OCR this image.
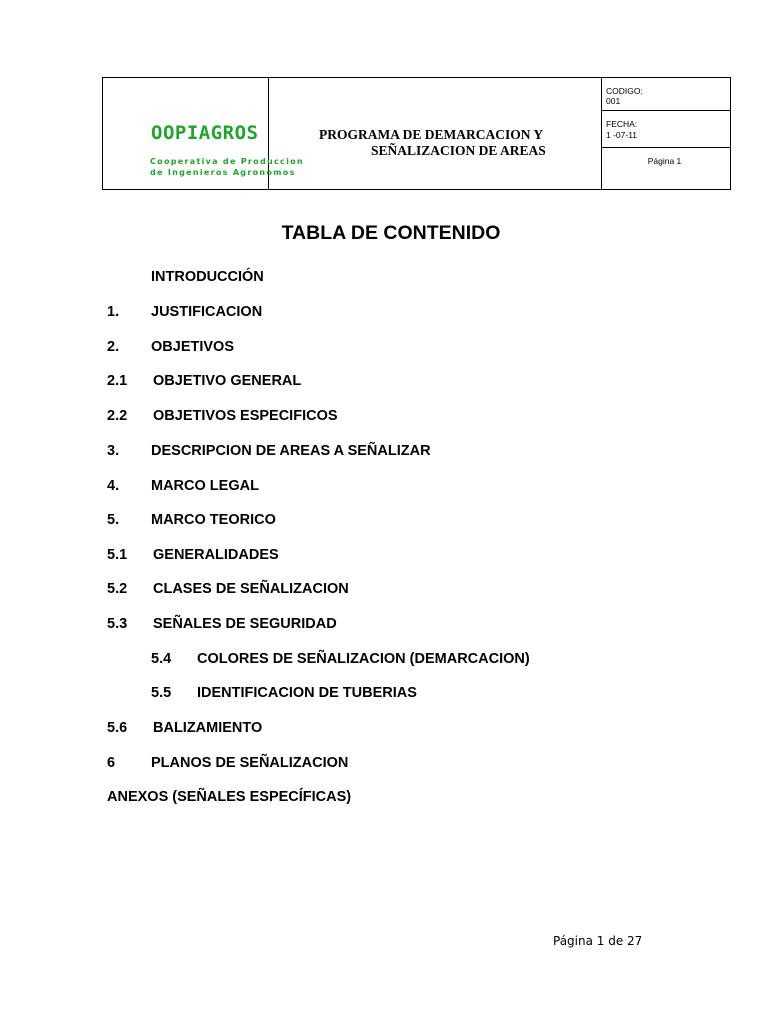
OOPIAGROS
Cooperativa de Produccion
de Ingenieros Agronomos
PROGRAMA DE DEMARCACION Y
SEÑALIZACION DE AREAS
CODIGO:
001
FECHA:
1 -07-11
Página 1
TABLA DE CONTENIDO
INTRODUCCIÓN
1. JUSTIFICACION
2. OBJETIVOS
2.1 OBJETIVO GENERAL
2.2 OBJETIVOS ESPECIFICOS
3. DESCRIPCION DE AREAS A SEÑALIZAR
4. MARCO LEGAL
5. MARCO TEORICO
5.1 GENERALIDADES
5.2 CLASES DE SEÑALIZACION
5.3 SEÑALES DE SEGURIDAD
5.4 COLORES DE SEÑALIZACION (DEMARCACION)
5.5 IDENTIFICACION DE TUBERIAS
5.6 BALIZAMIENTO
6 PLANOS DE SEÑALIZACION
ANEXOS (SEÑALES ESPECÍFICAS)
Página 1 de 27
